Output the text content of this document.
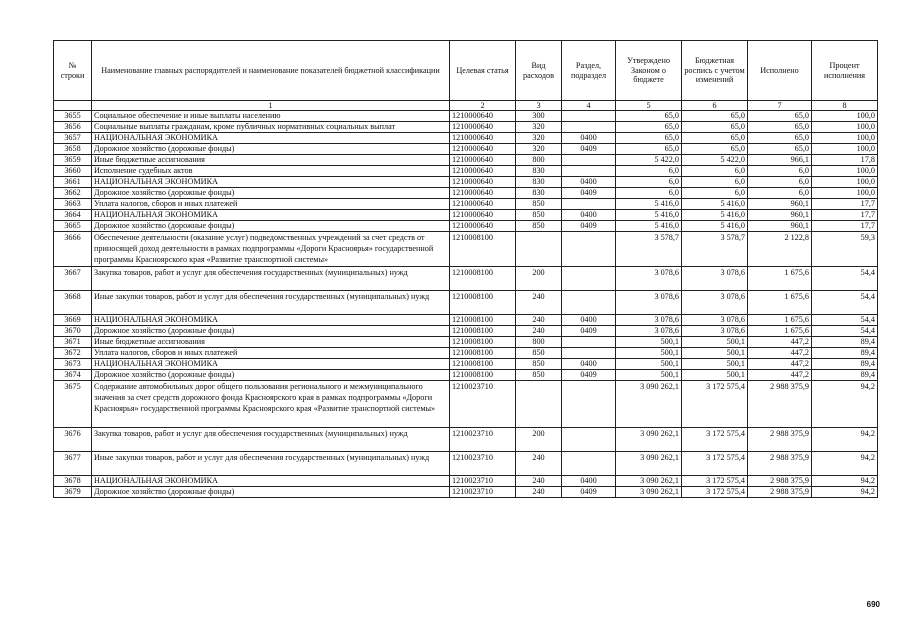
№ строки	Наименование главных распорядителей и наименование показателей бюджетной классификации	Целевая статья	Вид расходов	Раздел, подраздел	Утверждено Законом о бюджете	Бюджетная роспись с учетом изменений	Исполнено	Процент исполнения
	1	2	3	4	5	6	7	8
3655	Социальное обеспечение и иные выплаты населению	1210000640	300		65,0	65,0	65,0	100,0
3656	Социальные выплаты гражданам, кроме публичных нормативных социальных выплат	1210000640	320		65,0	65,0	65,0	100,0
3657	НАЦИОНАЛЬНАЯ ЭКОНОМИКА	1210000640	320	0400	65,0	65,0	65,0	100,0
3658	Дорожное хозяйство (дорожные фонды)	1210000640	320	0409	65,0	65,0	65,0	100,0
3659	Иные бюджетные ассигнования	1210000640	800		5 422,0	5 422,0	966,1	17,8
3660	Исполнение судебных актов	1210000640	830		6,0	6,0	6,0	100,0
3661	НАЦИОНАЛЬНАЯ ЭКОНОМИКА	1210000640	830	0400	6,0	6,0	6,0	100,0
3662	Дорожное хозяйство (дорожные фонды)	1210000640	830	0409	6,0	6,0	6,0	100,0
3663	Уплата налогов, сборов и иных платежей	1210000640	850		5 416,0	5 416,0	960,1	17,7
3664	НАЦИОНАЛЬНАЯ ЭКОНОМИКА	1210000640	850	0400	5 416,0	5 416,0	960,1	17,7
3665	Дорожное хозяйство (дорожные фонды)	1210000640	850	0409	5 416,0	5 416,0	960,1	17,7
3666	Обеспечение деятельности (оказание услуг) подведомственных учреждений за счет средств от приносящей доход деятельности в рамках подпрограммы «Дороги Красноярья» государственной программы Красноярского края «Развитие транспортной системы»	1210008100			3 578,7	3 578,7	2 122,8	59,3
3667	Закупка товаров, работ и услуг для обеспечения государственных (муниципальных) нужд	1210008100	200		3 078,6	3 078,6	1 675,6	54,4
3668	Иные закупки товаров, работ и услуг для обеспечения государственных (муниципальных) нужд	1210008100	240		3 078,6	3 078,6	1 675,6	54,4
3669	НАЦИОНАЛЬНАЯ ЭКОНОМИКА	1210008100	240	0400	3 078,6	3 078,6	1 675,6	54,4
3670	Дорожное хозяйство (дорожные фонды)	1210008100	240	0409	3 078,6	3 078,6	1 675,6	54,4
3671	Иные бюджетные ассигнования	1210008100	800		500,1	500,1	447,2	89,4
3672	Уплата налогов, сборов и иных платежей	1210008100	850		500,1	500,1	447,2	89,4
3673	НАЦИОНАЛЬНАЯ ЭКОНОМИКА	1210008100	850	0400	500,1	500,1	447,2	89,4
3674	Дорожное хозяйство (дорожные фонды)	1210008100	850	0409	500,1	500,1	447,2	89,4
3675	Содержание автомобильных дорог общего пользования регионального и межмуниципального значения за счет средств дорожного фонда Красноярского края в рамках подпрограммы «Дороги Красноярья» государственной программы Красноярского края «Развитие транспортной системы»	1210023710			3 090 262,1	3 172 575,4	2 988 375,9	94,2
3676	Закупка товаров, работ и услуг для обеспечения государственных (муниципальных) нужд	1210023710	200		3 090 262,1	3 172 575,4	2 988 375,9	94,2
3677	Иные закупки товаров, работ и услуг для обеспечения государственных (муниципальных) нужд	1210023710	240		3 090 262,1	3 172 575,4	2 988 375,9	94,2
3678	НАЦИОНАЛЬНАЯ ЭКОНОМИКА	1210023710	240	0400	3 090 262,1	3 172 575,4	2 988 375,9	94,2
3679	Дорожное хозяйство (дорожные фонды)	1210023710	240	0409	3 090 262,1	3 172 575,4	2 988 375,9	94,2
690
